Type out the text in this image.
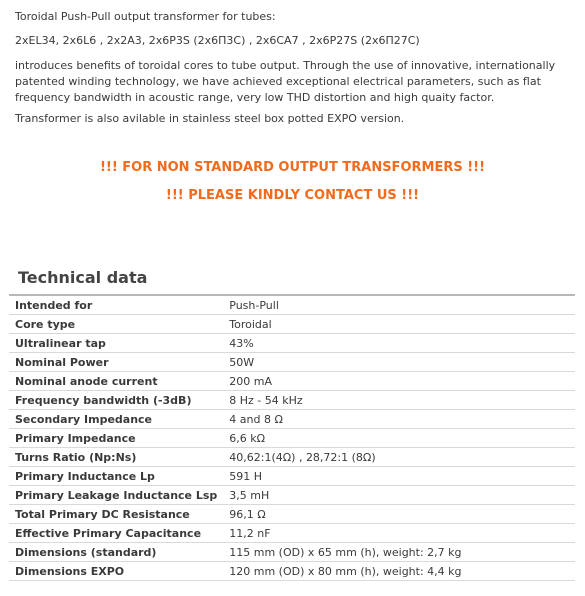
Toroidal Push-Pull output transformer for tubes:
2xEL34, 2x6L6 , 2x2A3, 2x6P3S (2x6П3С) , 2x6CA7 , 2x6P27S (2x6П27С)
introduces benefits of toroidal cores to tube output. Through the use of innovative, internationally patented winding technology, we have achieved exceptional electrical parameters, such as flat frequency bandwidth in acoustic range, very low THD distortion and high quaity factor.
Transformer is also avilable in stainless steel box potted EXPO version.
!!! FOR NON STANDARD OUTPUT TRANSFORMERS !!!
!!! PLEASE KINDLY CONTACT US !!!
Technical data
Intended for	Push-Pull
Core type	Toroidal
Ultralinear tap	43%
Nominal Power	50W
Nominal anode current	200 mA
Frequency bandwidth (-3dB)	8 Hz - 54 kHz
Secondary Impedance	4 and 8 Ω
Primary Impedance	6,6 kΩ
Turns Ratio (Np:Ns)	40,62:1(4Ω) , 28,72:1 (8Ω)
Primary Inductance Lp	591 H
Primary Leakage Inductance Lsp	3,5 mH
Total Primary DC Resistance	96,1 Ω
Effective Primary Capacitance	11,2 nF
Dimensions (standard)	115 mm (OD) x 65 mm (h), weight: 2,7 kg
Dimensions EXPO	120 mm (OD) x 80 mm (h), weight: 4,4 kg
